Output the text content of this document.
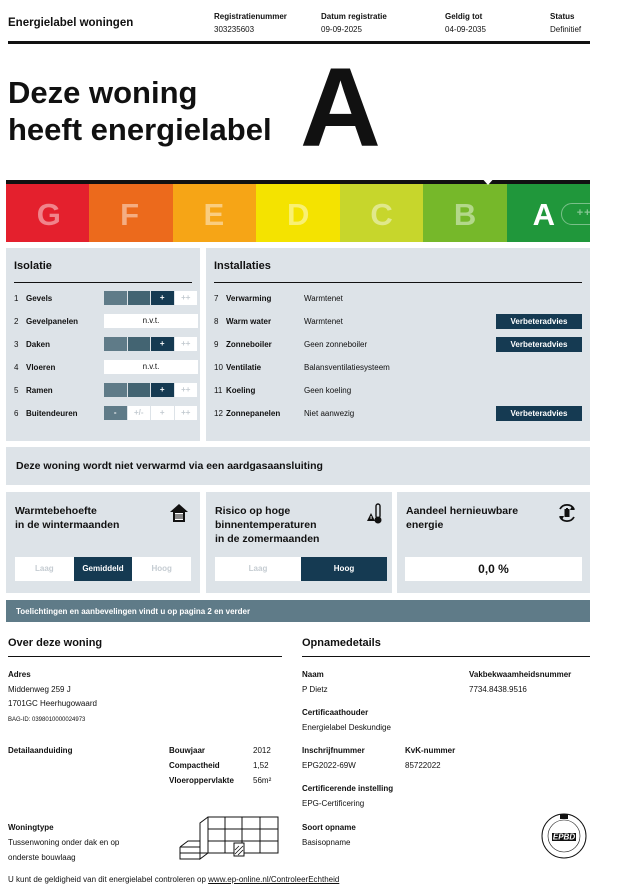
Energielabel woningen
Registratienummer
303235603
Datum registratie
09-09-2025
Geldig tot
04-09-2035
Status
Definitief
Deze woning
heeft energielabel A
G F E D C B A	++++
Isolatie
1 Gevels	+	++
2 Gevelpanelen	n.v.t.
3 Daken	+	++
4 Vloeren	n.v.t.
5 Ramen	+	++
6 Buitendeuren	-	+/-	+	++
Installaties
7 Verwarming	Warmtenet
8 Warm water	Warmtenet	Verbeteradvies
9 Zonneboiler	Geen zonneboiler	Verbeteradvies
10 Ventilatie	Balansventilatiesysteem
11 Koeling	Geen koeling
12 Zonnepanelen	Niet aanwezig	Verbeteradvies
Deze woning wordt niet verwarmd via een aardgasaansluiting
Warmtebehoefte
in de wintermaanden
Laag	Gemiddeld	Hoog
Risico op hoge
binnentemperaturen
in de zomermaanden
Laag	Hoog
Aandeel hernieuwbare
energie
0,0 %
Toelichtingen en aanbevelingen vindt u op pagina 2 en verder
Over deze woning
Adres
Middenweg 259 J
1701GC Heerhugowaard
BAG-ID: 0398010000024973
Detailaanduiding	Bouwjaar	2012
Compactheid	1,52
Vloeroppervlakte 56m²
Woningtype
Tussenwoning onder dak en op
onderste bouwlaag
Opnamedetails
Naam
P Dietz
Vakbekwaamheidsnummer
7734.8438.9516
Certificaathouder
Energielabel Deskundige
Inschrijfnummer
EPG2022-69W
KvK-nummer
85722022
Certificerende instelling
EPG-Certificering
Soort opname
Basisopname
EPBD
U kunt de geldigheid van dit energielabel controleren op www.ep-online.nl/ControleerEchtheid
